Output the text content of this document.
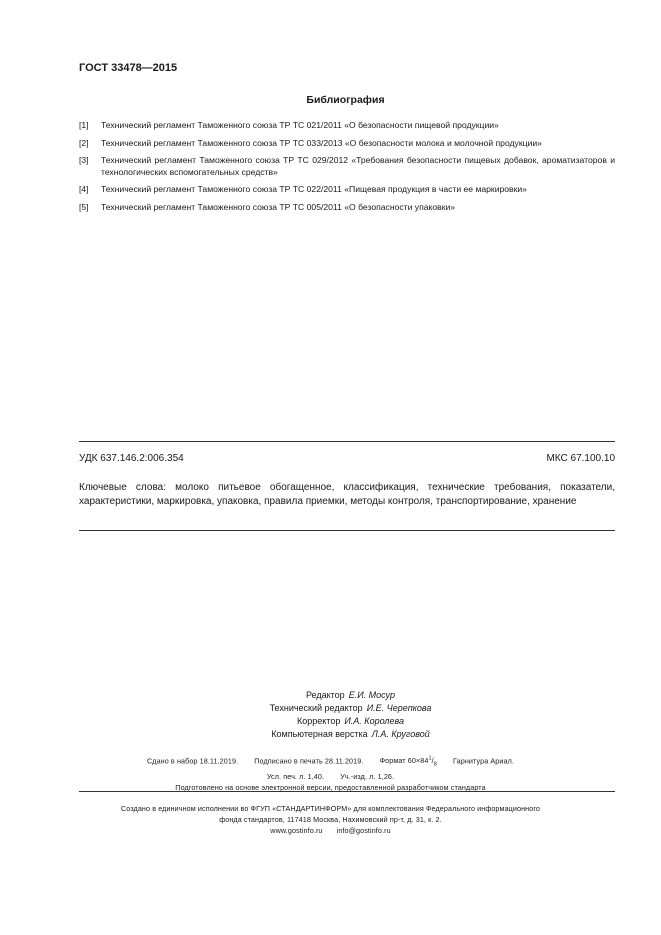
ГОСТ 33478—2015
Библиография
[1]	Технический регламент Таможенного союза ТР ТС 021/2011 «О безопасности пищевой продукции»
[2]	Технический регламент Таможенного союза ТР ТС 033/2013 «О безопасности молока и молочной продукции»
[3]	Технический регламент Таможенного союза ТР ТС 029/2012 «Требования безопасности пищевых добавок, ароматизаторов и технологических вспомогательных средств»
[4]	Технический регламент Таможенного союза ТР ТС 022/2011 «Пищевая продукция в части ее маркировки»
[5]	Технический регламент Таможенного союза ТР ТС 005/2011 «О безопасности упаковки»
УДК 637.146.2:006.354	МКС 67.100.10
Ключевые слова: молоко питьевое обогащенное, классификация, технические требования, показатели, характеристики, маркировка, упаковка, правила приемки, методы контроля, транспортирование, хранение
Редактор Е.И. Мосур
Технический редактор И.Е. Черепкова
Корректор И.А. Королева
Компьютерная верстка Л.А. Круговой
Сдано в набор 18.11.2019. Подписано в печать 28.11.2019. Формат $60\times 84^1/_8$ Гарнитура Ариал.
Усл. печ. л. 1,40. Уч.-изд. л. 1,26.
Подготовлено на основе электронной версии, предоставленной разработчиком стандарта
Создано в единичном исполнении во ФГУП «СТАНДАРТИНФОРМ» для комплектования Федерального информационного
фонда стандартов, 117418 Москва, Нахимовский пр-т, д. 31, к. 2.
www.gostinfo.ru info@gostinfo.ru
